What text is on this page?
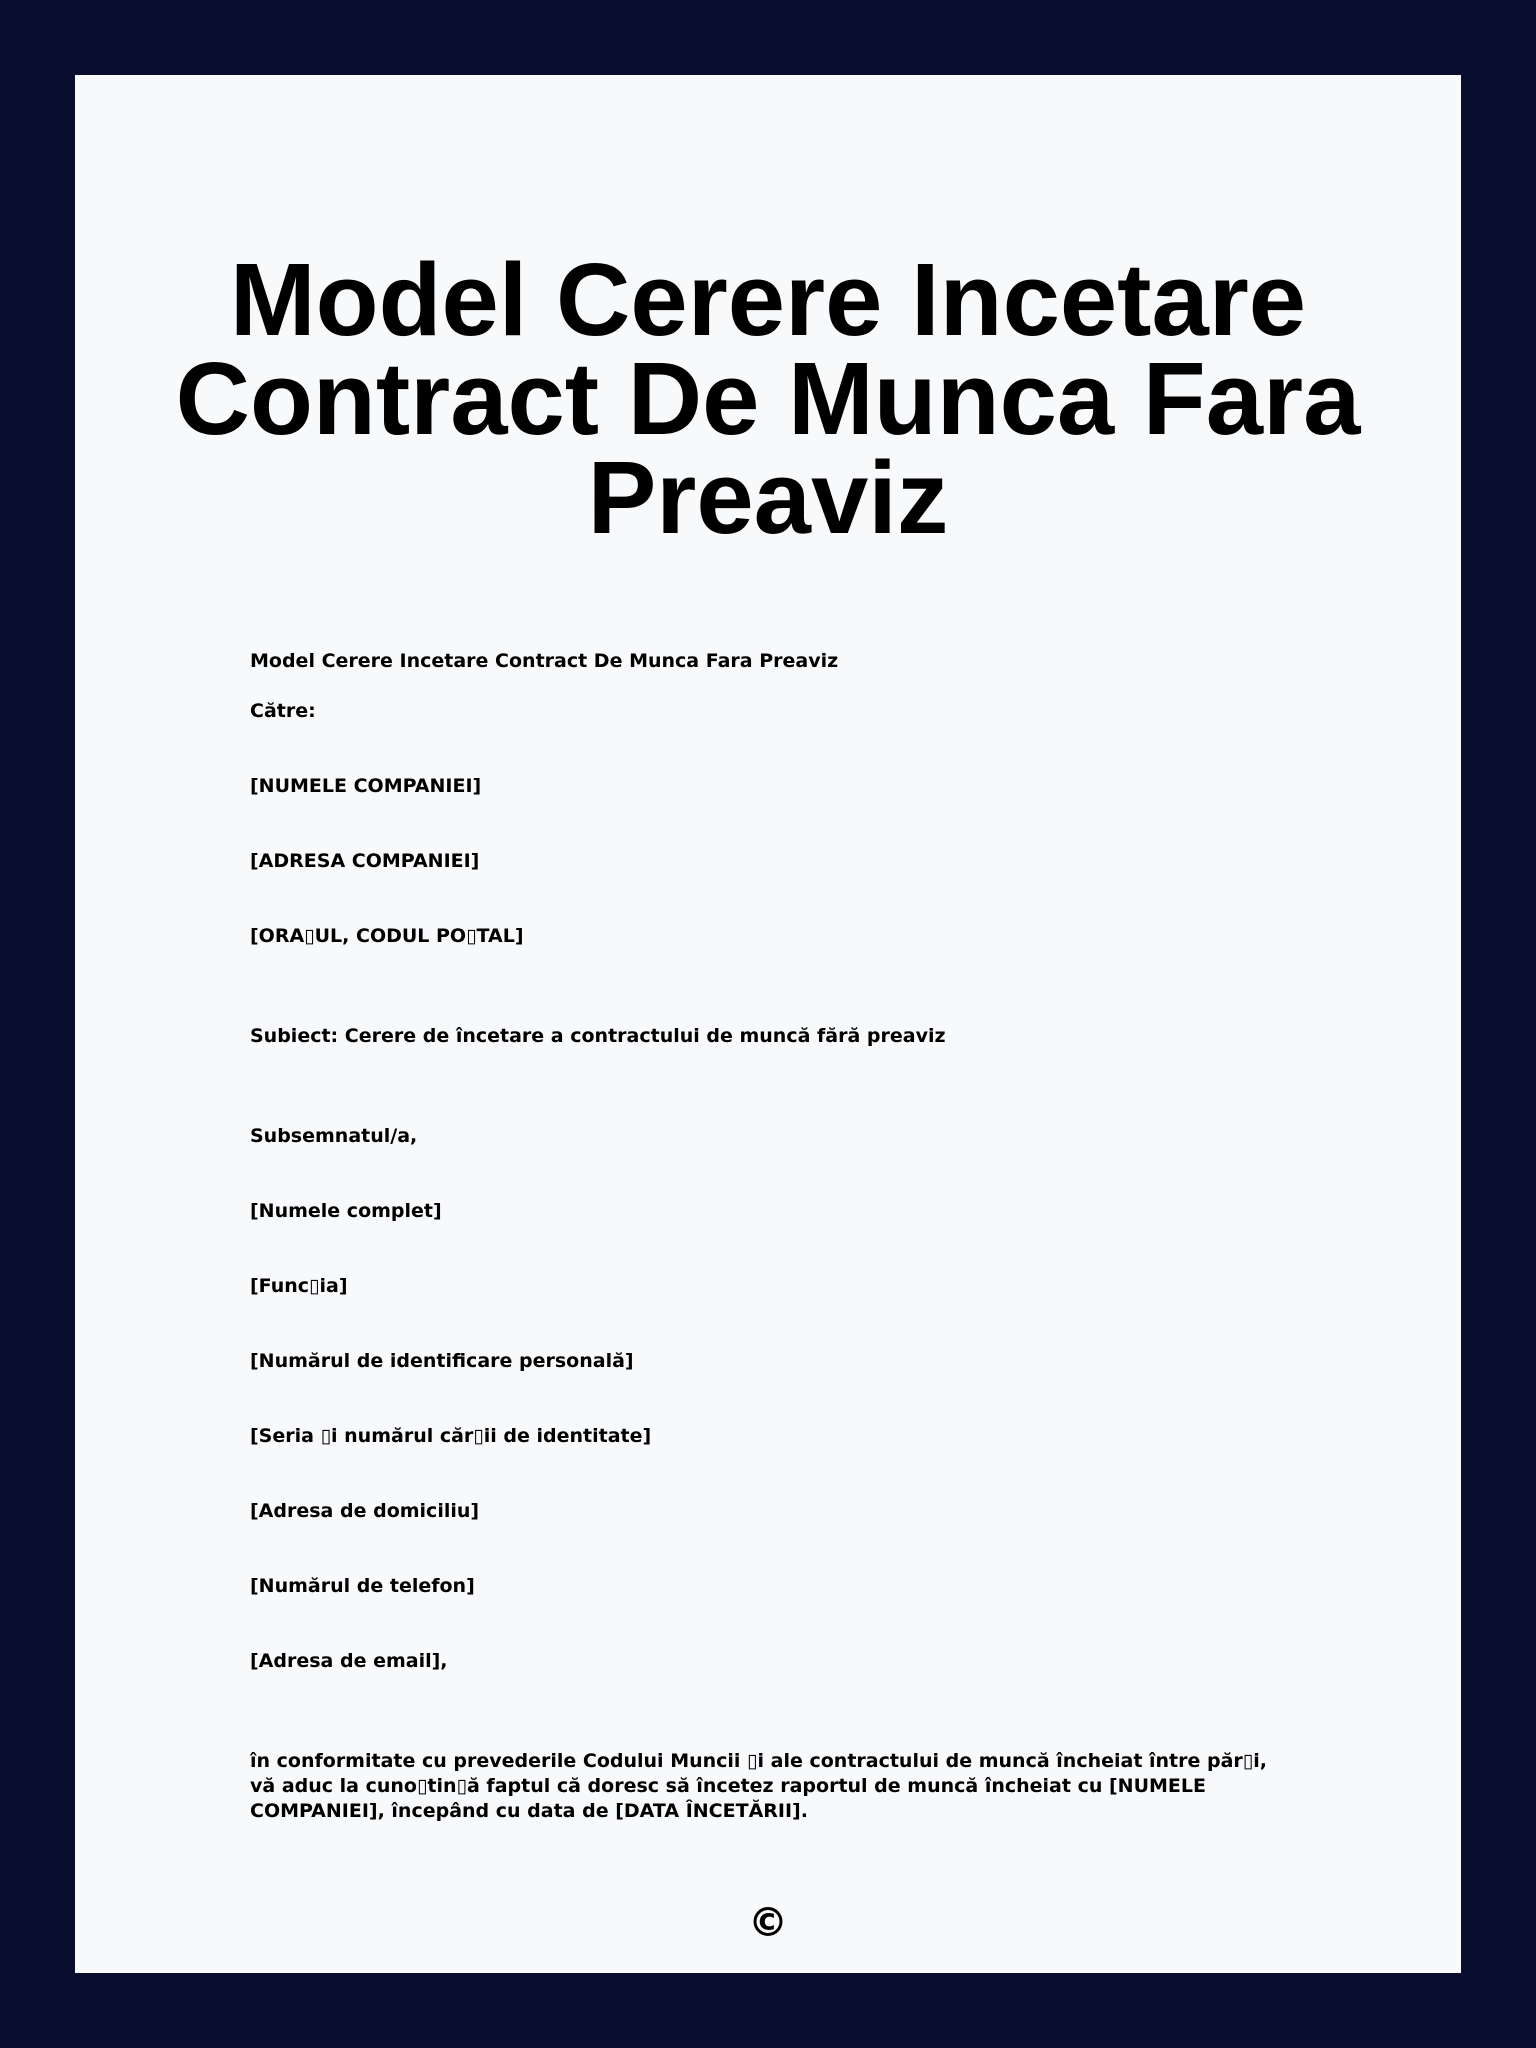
Model Cerere Incetare Contract De Munca Fara Preaviz

Model Cerere Incetare Contract De Munca Fara Preaviz

Către:

[NUMELE COMPANIEI]

[ADRESA COMPANIEI]

[ORA▯UL, CODUL PO▯TAL]

Subiect: Cerere de încetare a contractului de muncă fără preaviz

Subsemnatul/a,

[Numele complet]

[Func▯ia]

[Numărul de identificare personală]

[Seria ▯i numărul căr▯ii de identitate]

[Adresa de domiciliu]

[Numărul de telefon]

[Adresa de email],

în conformitate cu prevederile Codului Muncii ▯i ale contractului de muncă încheiat între păr▯i, vă aduc la cuno▯tin▯ă faptul că doresc să încetez raportul de muncă încheiat cu [NUMELE COMPANIEI], începând cu data de [DATA ÎNCETĂRII].

©
